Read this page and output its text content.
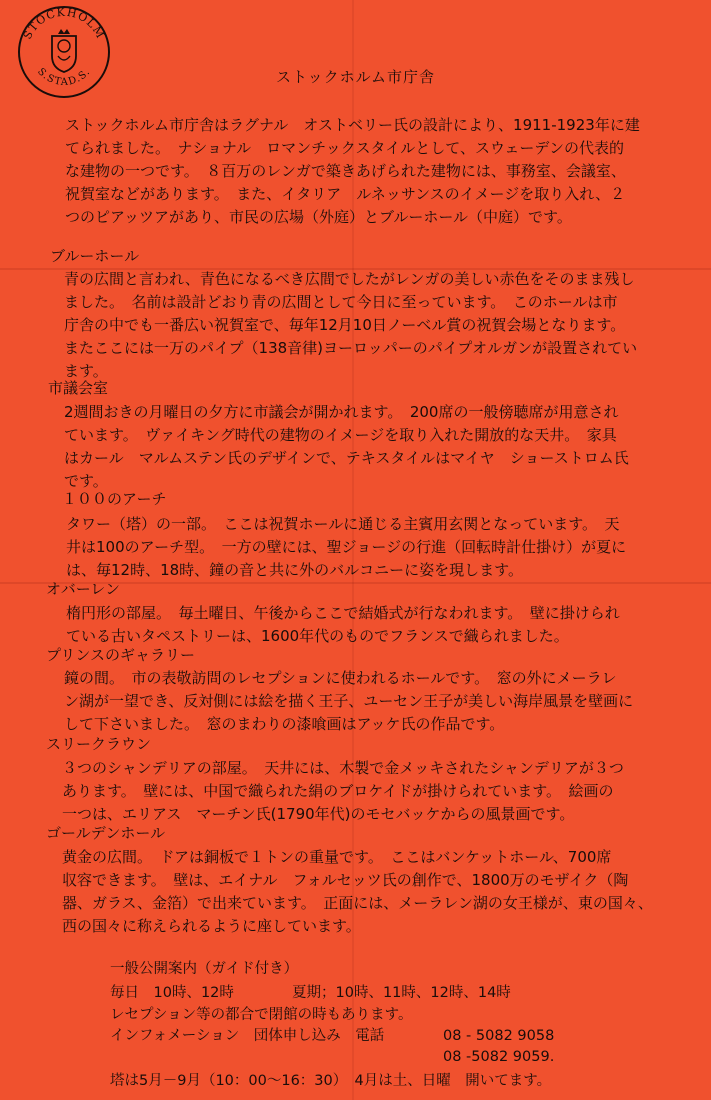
STOCKHOLM
S.STAD.S.	ストックホルム市庁舎
ストックホルム市庁舎はラグナル　オストベリー氏の設計により、1911-1923年に建
てられました。　ナショナル　ロマンチックスタイルとして、スウェーデンの代表的
な建物の一つです。　８百万のレンガで築きあげられた建物には、事務室、会議室、
祝賀室などがあります。　また、イタリア　ルネッサンスのイメージを取り入れ、２
つのピアッツアがあり、市民の広場（外庭）とブルーホール（中庭）です。
ブルーホール
青の広間と言われ、青色になるべき広間でしたがレンガの美しい赤色をそのまま残し
ました。　名前は設計どおり青の広間として今日に至っています。　このホールは市
庁舎の中でも一番広い祝賀室で、毎年12月10日ノーベル賞の祝賀会場となります。
またここには一万のパイプ（138音律)ヨーロッパーのパイプオルガンが設置されてい
ます。
市議会室
2週間おきの月曜日の夕方に市議会が開かれます。　200席の一般傍聴席が用意され
ています。　ヴァイキング時代の建物のイメージを取り入れた開放的な天井。　家具
はカール　マルムステン氏のデザインで、テキスタイルはマイヤ　ショーストロム氏
です。
１００のアーチ
タワー（塔）の一部。　ここは祝賀ホールに通じる主賓用玄関となっています。　天
井は100のアーチ型。　一方の壁には、聖ジョージの行進（回転時計仕掛け）が夏に
は、毎12時、18時、鐘の音と共に外のバルコニーに姿を現します。
オバーレン
楕円形の部屋。　毎土曜日、午後からここで結婚式が行なわれます。　壁に掛けられ
ている古いタペストリーは、1600年代のものでフランスで織られました。
プリンスのギャラリー
鏡の間。　市の表敬訪問のレセプションに使われるホールです。　窓の外にメーラレ
ン湖が一望でき、反対側には絵を描く王子、ユーセン王子が美しい海岸風景を壁画に
して下さいました。　窓のまわりの漆喰画はアッケ氏の作品です。
スリークラウン
３つのシャンデリアの部屋。　天井には、木製で金メッキされたシャンデリアが３つ
あります。　壁には、中国で織られた絹のブロケイドが掛けられています。　絵画の
一つは、エリアス　マーチン氏(1790年代)のモセバッケからの風景画です。
ゴールデンホール
黄金の広間。　ドアは銅板で１トンの重量です。　ここはバンケットホール、700席
収容できます。　壁は、エイナル　フォルセッツ氏の創作で、1800万のモザイク（陶
器、ガラス、金箔）で出来ています。　正面には、メーラレン湖の女王様が、東の国々、
西の国々に称えられるように座しています。
一般公開案内（ガイド付き）
毎日　10時、12時	夏期；10時、11時、12時、14時
レセプション等の都合で閉館の時もあります。
インフォメーション　団体申し込み　電話	08 - 5082 9058
08 -5082 9059.
塔は5月－9月（10：00～16：30）　4月は土、日曜　開いてます。
